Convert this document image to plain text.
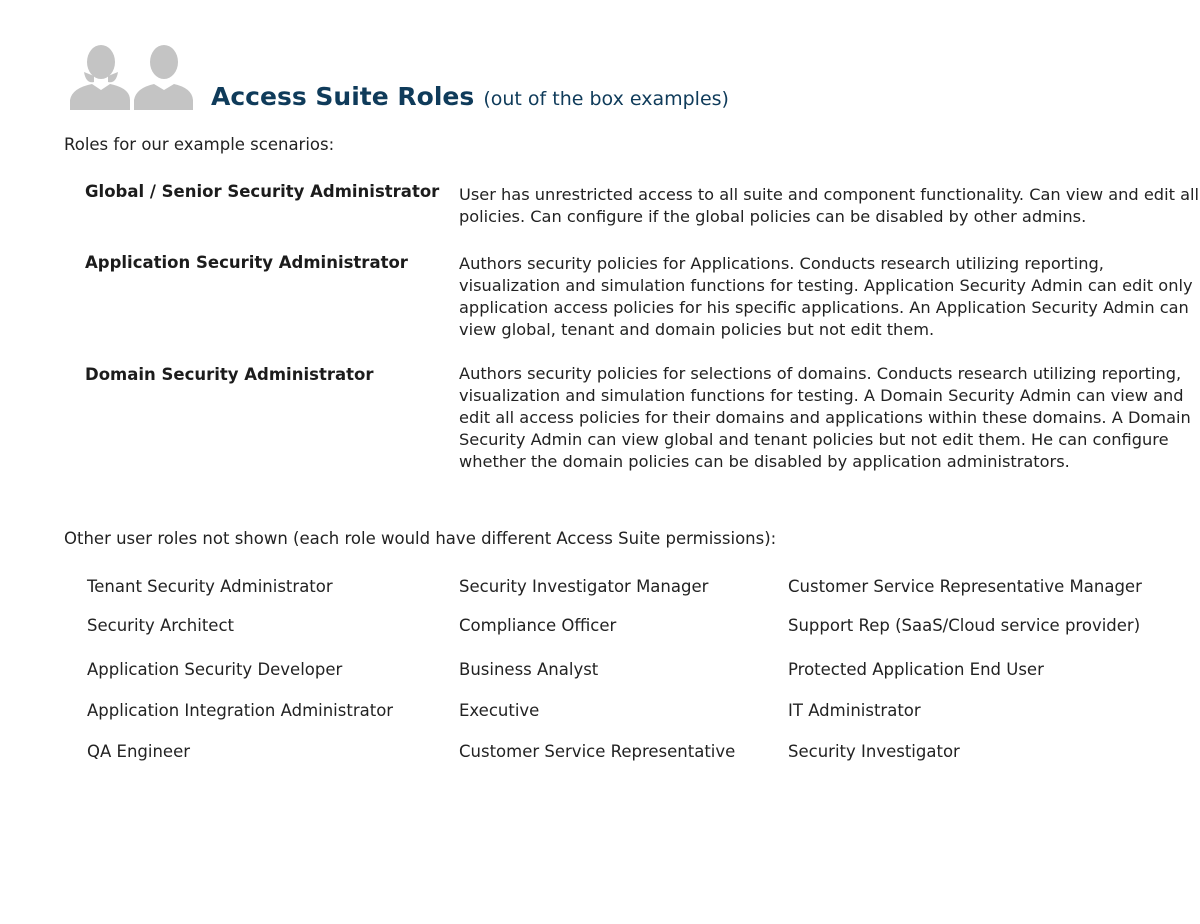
Access Suite Roles (out of the box examples)
Roles for our example scenarios:
Global / Senior Security Administrator User has unrestricted access to all suite and component functionality. Can view and edit all policies. Can configure if the global policies can be disabled by other admins.
Application Security Administrator	Authors security policies for Applications. Conducts research utilizing reporting, visualization and simulation functions for testing. Application Security Admin can edit only application access policies for his specific applications. An Application Security Admin can view global, tenant and domain policies but not edit them.
Domain Security Administrator	Authors security policies for selections of domains. Conducts research utilizing reporting, visualization and simulation functions for testing. A Domain Security Admin can view and edit all access policies for their domains and applications within these domains. A Domain Security Admin can view global and tenant policies but not edit them. He can configure whether the domain policies can be disabled by application administrators.
Other user roles not shown (each role would have different Access Suite permissions):
Tenant Security Administrator
Security Architect
Application Security Developer
Application Integration Administrator
QA Engineer
Security Investigator Manager
Compliance Officer
Business Analyst
Executive
Customer Service Representative
Customer Service Representative Manager
Support Rep (SaaS/Cloud service provider)
Protected Application End User
IT Administrator
Security Investigator
